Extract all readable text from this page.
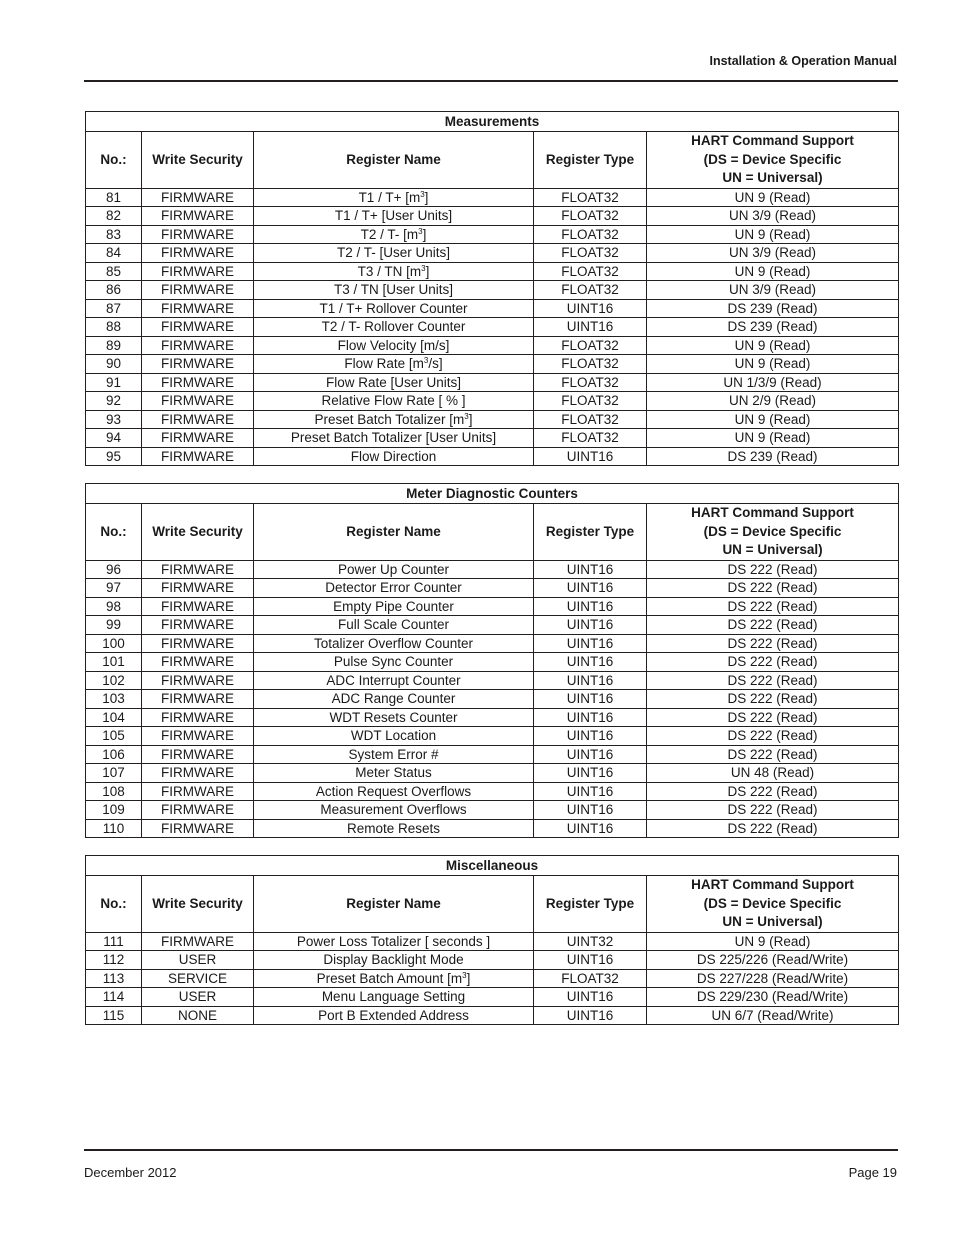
Installation & Operation Manual
Measurements				
No.:	Write Security	Register Name	Register Type	HART Command Support
(DS = Device Specific
UN = Universal)

81	FIRMWARE	$T1 / T+ [m^3]$	FLOAT32	UN 9 (Read)
82	FIRMWARE	T1 / T+ [User Units]	FLOAT32	UN 3/9 (Read)
83	FIRMWARE	T2 / T- $[m^3]$	FLOAT32	UN 9 (Read)
84	FIRMWARE	T2 / T- [User Units]	FLOAT32	UN 3/9 (Read)
85	FIRMWARE	T3 / TN $[m^3]$	FLOAT32	UN 9 (Read)
86	FIRMWARE	T3 / TN [User Units]	FLOAT32	UN 3/9 (Read)
87	FIRMWARE	T1 / T+ Rollover Counter	UINT16	DS 239 (Read)
88	FIRMWARE	T2 / T- Rollover Counter	UINT16	DS 239 (Read)
89	FIRMWARE	Flow Velocity [m/s]	FLOAT32	UN 9 (Read)
90	FIRMWARE	Flow Rate $[m^3/s]$	FLOAT32	UN 9 (Read)
91	FIRMWARE	Flow Rate [User Units]	FLOAT32	UN 1/3/9 (Read)
92	FIRMWARE	Relative Flow Rate [ % ]	FLOAT32	UN 2/9 (Read)
93	FIRMWARE	Preset Batch Totalizer $[m^3]$	FLOAT32	UN 9 (Read)
94	FIRMWARE	Preset Batch Totalizer [User Units]	FLOAT32	UN 9 (Read)
95	FIRMWARE	Flow Direction	UINT16	DS 239 (Read)
Meter Diagnostic Counters				
No.:	Write Security	Register Name	Register Type	HART Command Support
(DS = Device Specific
UN = Universal)

96	FIRMWARE	Power Up Counter	UINT16	DS 222 (Read)
97	FIRMWARE	Detector Error Counter	UINT16	DS 222 (Read)
98	FIRMWARE	Empty Pipe Counter	UINT16	DS 222 (Read)
99	FIRMWARE	Full Scale Counter	UINT16	DS 222 (Read)
100	FIRMWARE	Totalizer Overflow Counter	UINT16	DS 222 (Read)
101	FIRMWARE	Pulse Sync Counter	UINT16	DS 222 (Read)
102	FIRMWARE	ADC Interrupt Counter	UINT16	DS 222 (Read)
103	FIRMWARE	ADC Range Counter	UINT16	DS 222 (Read)
104	FIRMWARE	WDT Resets Counter	UINT16	DS 222 (Read)
105	FIRMWARE	WDT Location	UINT16	DS 222 (Read)
106	FIRMWARE	System Error #	UINT16	DS 222 (Read)
107	FIRMWARE	Meter Status	UINT16	UN 48 (Read)
108	FIRMWARE	Action Request Overflows	UINT16	DS 222 (Read)
109	FIRMWARE	Measurement Overflows	UINT16	DS 222 (Read)
110	FIRMWARE	Remote Resets	UINT16	DS 222 (Read)
Miscellaneous				
No.:	Write Security	Register Name	Register Type	HART Command Support
(DS = Device Specific
UN = Universal)

111	FIRMWARE	Power Loss Totalizer [ seconds ]	UINT32	UN 9 (Read)
112	USER	Display Backlight Mode	UINT16	DS 225/226 (Read/Write)
113	SERVICE	Preset Batch Amount $[m^3]$	FLOAT32	DS 227/228 (Read/Write)
114	USER	Menu Language Setting	UINT16	DS 229/230 (Read/Write)
115	NONE	Port B Extended Address	UINT16	UN 6/7 (Read/Write)
December 2012	Page 19
